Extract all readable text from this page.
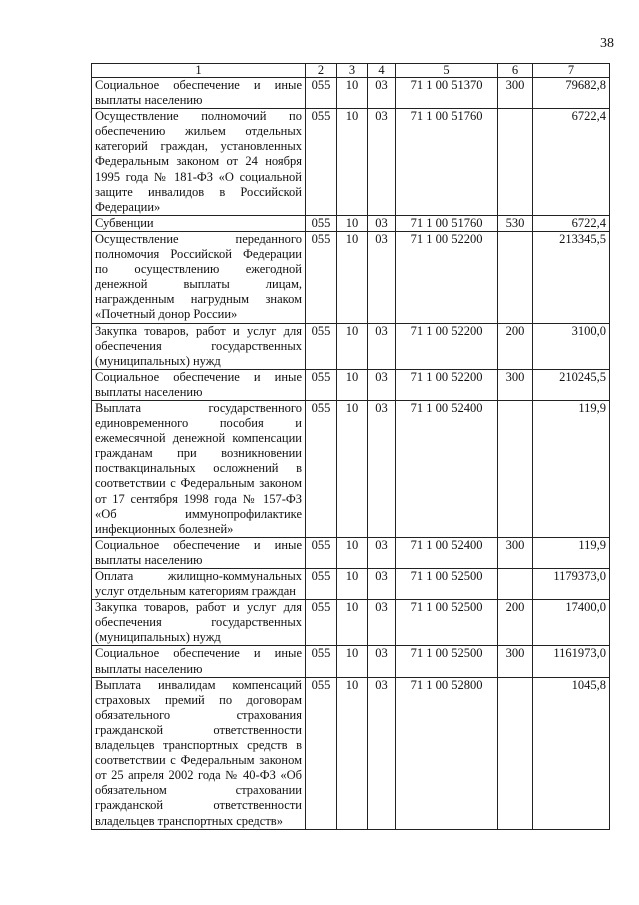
38
1	2	3	4	5	6	7
Социальное обеспечение и иные выплаты населению	055	10	03	71 1 00 51370	300	79682,8
Осуществление полномочий по обеспечению жильем отдельных категорий граждан, установленных Федеральным законом от 24 ноября 1995 года № 181-ФЗ «О социальной защите инвалидов в Российской Федерации»	055	10	03	71 1 00 51760		6722,4
Субвенции	055	10	03	71 1 00 51760	530	6722,4
Осуществление переданного полномочия Российской Федерации по осуществлению ежегодной денежной выплаты лицам, награжденным нагрудным знаком «Почетный донор России»	055	10	03	71 1 00 52200		213345,5
Закупка товаров, работ и услуг для обеспечения государственных (муниципальных) нужд	055	10	03	71 1 00 52200	200	3100,0
Социальное обеспечение и иные выплаты населению	055	10	03	71 1 00 52200	300	210245,5
Выплата государственного единовременного пособия и ежемесячной денежной компенсации гражданам при возникновении поствакцинальных осложнений в соответствии с Федеральным законом от 17 сентября 1998 года № 157-ФЗ «Об иммунопрофилактике инфекционных болезней»	055	10	03	71 1 00 52400		119,9
Социальное обеспечение и иные выплаты населению	055	10	03	71 1 00 52400	300	119,9
Оплата жилищно-коммунальных услуг отдельным категориям граждан	055	10	03	71 1 00 52500		1179373,0
Закупка товаров, работ и услуг для обеспечения государственных (муниципальных) нужд	055	10	03	71 1 00 52500	200	17400,0
Социальное обеспечение и иные выплаты населению	055	10	03	71 1 00 52500	300	1161973,0
Выплата инвалидам компенсаций страховых премий по договорам обязательного страхования гражданской ответственности владельцев транспортных средств в соответствии с Федеральным законом от 25 апреля 2002 года № 40-ФЗ «Об обязательном страховании гражданской ответственности владельцев транспортных средств»	055	10	03	71 1 00 52800		1045,8
